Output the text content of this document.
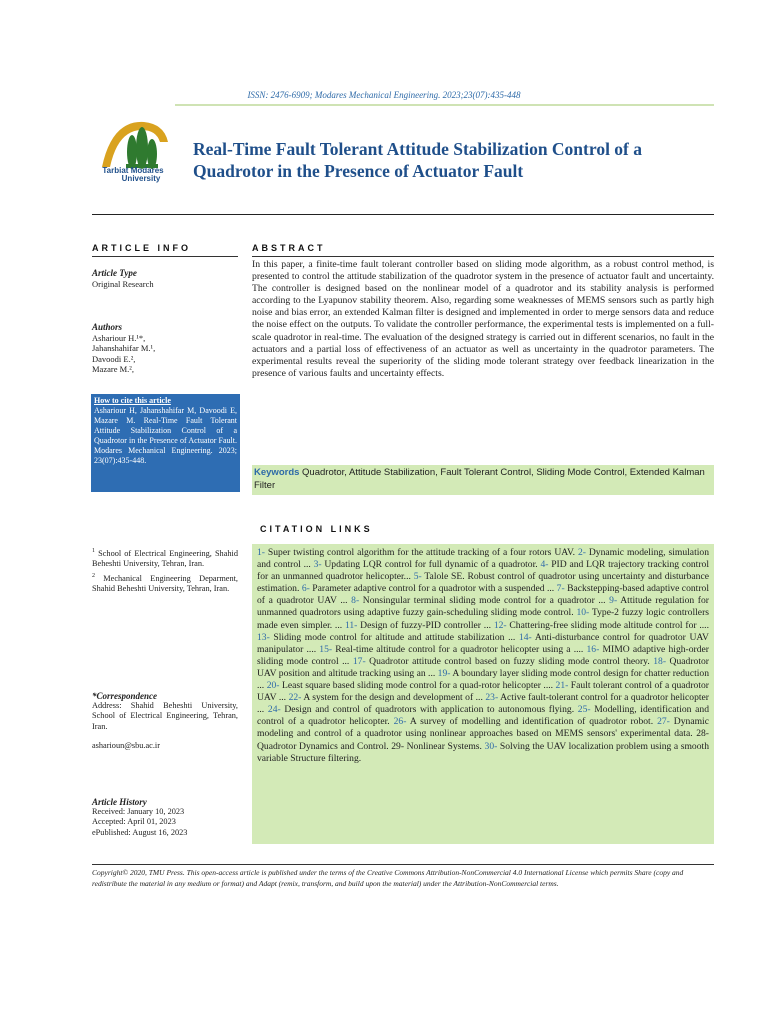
ISSN: 2476-6909; Modares Mechanical Engineering. 2023;23(07):435-448
Tarbiat Modares
University
Real-Time Fault Tolerant Attitude Stabilization Control of a Quadrotor in the Presence of Actuator Fault
ARTICLE INFO	ABSTRACT
Article Type
Original Research
Authors
Ashariour H.¹*,
Jahanshahifar M.¹,
Davoodi E.²,
Mazare M.²,
How to cite this article
Ashariour H, Jahanshahifar M, Davoodi E, Mazare M. Real-Time Fault Tolerant Attitude Stabilization Control of a Quadrotor in the Presence of Actuator Fault. Modares Mechanical Engineering. 2023; 23(07):435-448.
In this paper, a finite-time fault tolerant controller based on sliding mode algorithm, as a robust control method, is presented to control the attitude stabilization of the quadrotor system in the presence of actuator fault and uncertainty. The controller is designed based on the nonlinear model of a quadrotor and its stability analysis is performed according to the Lyapunov stability theorem. Also, regarding some weaknesses of MEMS sensors such as partly high noise and bias error, an extended Kalman filter is designed and implemented in order to merge sensors data and reduce the noise effect on the outputs. To validate the controller performance, the experimental tests is implemented on a full-scale quadrotor in real-time. The evaluation of the designed strategy is carried out in different scenarios, no fault in the actuators and a partial loss of effectiveness of an actuator as well as uncertainty in the quadrotor parameters. The experimental results reveal the superiority of the sliding mode tolerant strategy over feedback linearization in the presence of various faults and uncertainty effects.
Keywords Quadrotor, Attitude Stabilization, Fault Tolerant Control, Sliding Mode Control, Extended Kalman Filter
CITATION LINKS
$^1$ School of Electrical Engineering, Shahid Beheshti University, Tehran, Iran.
$^2$ Mechanical Engineering Deparment, Shahid Beheshti University, Tehran, Iran.
*Correspondence
Address: Shahid Beheshti University, School of Electrical Engineering, Tehran, Iran.
asharioun@sbu.ac.ir
Article History
Received: January 10, 2023
Accepted: April 01, 2023
ePublished: August 16, 2023
1- Super twisting control algorithm for the attitude tracking of a four rotors UAV. 2- Dynamic modeling, simulation and control ... 3- Updating LQR control for full dynamic of a quadrotor. 4- PID and LQR trajectory tracking control for an unmanned quadrotor helicopter... 5- Talole SE. Robust control of quadrotor using uncertainty and disturbance estimation. 6- Parameter adaptive control for a quadrotor with a suspended ... 7- Backstepping-based adaptive control of a quadrotor UAV ... 8- Nonsingular terminal sliding mode control for a quadrotor ... 9- Attitude regulation for unmanned quadrotors using adaptive fuzzy gain-scheduling sliding mode control. 10- Type-2 fuzzy logic controllers made even simpler. ... 11- Design of fuzzy-PID controller ... 12- Chattering-free sliding mode altitude control for .... 13- Sliding mode control for altitude and attitude stabilization ... 14- Anti-disturbance control for quadrotor UAV manipulator .... 15- Real-time altitude control for a quadrotor helicopter using a .... 16- MIMO adaptive high-order sliding mode control ... 17- Quadrotor attitude control based on fuzzy sliding mode control theory. 18- Quadrotor UAV position and altitude tracking using an ... 19- A boundary layer sliding mode control design for chatter reduction ... 20- Least square based sliding mode control for a quad-rotor helicopter .... 21- Fault tolerant control of a quadrotor UAV ... 22- A system for the design and development of ... 23- Active fault-tolerant control for a quadrotor helicopter ... 24- Design and control of quadrotors with application to autonomous flying. 25- Modelling, identification and control of a quadrotor helicopter. 26- A survey of modelling and identification of quadrotor robot. 27- Dynamic modeling and control of a quadrotor using nonlinear approaches based on MEMS sensors' experimental data. 28- Quadrotor Dynamics and Control. 29- Nonlinear Systems. 30- Solving the UAV localization problem using a smooth variable Structure filtering.
Copyright© 2020, TMU Press. This open-access article is published under the terms of the Creative Commons Attribution-NonCommercial 4.0 International License which permits Share (copy and redistribute the material in any medium or format) and Adapt (remix, transform, and build upon the material) under the Attribution-NonCommercial terms.
